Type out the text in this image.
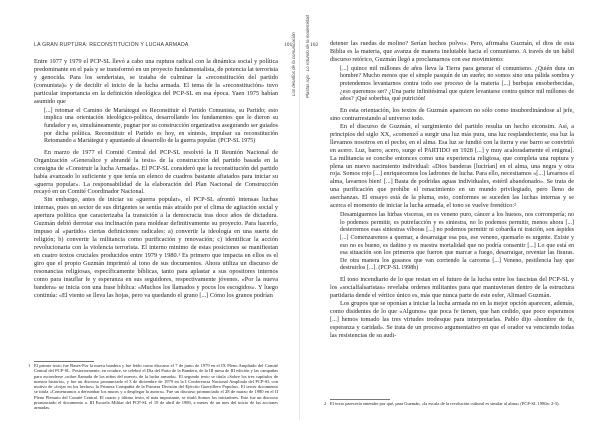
LA GRAN RUPTURA: RECONSTITUCIÓN Y LUCHA ARMADA	101
Los desafíos de la comunicación

Entre 1977 y 1979 el PCP-SL llevó a cabo una ruptura radical con la dinámica social y política predominante en el país y se transformó en un proyecto fundamentalista, de potencia lat terrorista y genocida. Para los senderistas, se trataba de culminar la «reconstitución del partido (comunista)» y de decidir el inicio de la lucha armada. El tema de la «reconstitución» tuvo particular importancia en la definición ideológica del PCP-SL en esa época. Yaen 1975 habían asumido que

[...] retomar el Camino de Mariátegui es Reconstituir el Partido Comunista, su Partido; esto implica una orientación ideológico-política, desarrollando los fundamentos que le dieron su fundador y es, simultáneamente, pugnar por su construcción organizativa asegurando ser guiados por dicha política. Reconstituir el Partido es hoy, en síntesis, impulsar su reconstitución Retomando a Mariátegui y apuntando al desarrollo de la guerra popular. (PCP-SL 1975)

En marzo de 1977 el Comité Central del PCP-SL resolvió la II Reunión Nacional de Organización «Generalice y abrandé la tesis» de la construcción del partido basada en la consigna de «Construir la lucha Armada». El PCP-SL consideró que la reconstitución del partido había avanzado lo suficiente y que tenía un elenco de cuadros bastante afiatados para iniciar su «guerra popular». La responsabilidad de la elaboración del Plan Nacional de Construcción recayó en un Comité Coordinador Nacional.

Sin embargo, antes de iniciar su «guerra popular», el PCP-SL afrontó intensas luchas internas, pues un sector de sus dirigentes se sentía más atraído por el clima de agitación social y apertura política que caracterizaba la transición a la democracia tras doce años de dictadura. Guzmán debió derrotar esa inclinación para moldear definitivamente su proyecto. Para hacerlo, impuso al «partido» ciertas definiciones radicales: a) convertir la ideología en una suerte de religión; b) convertir la militancia como purificación y renovación; c) identificar la acción revolucionaria con la violencia terrorista. El interno minimo de estas posiciones se manifiestan en cuatro textos cruciales producidos entre 1979 y 1980.¹ Es primero que impacta en ellos es el giro que el propio Guzmán imprimió al tono de sus documentos. Ahora utiliza un discurso de resonancias religiosas, específicamente bíblicas, tanto para aplastar a sus opositores internos como para insuflar fe y esperanza en sus seguidores, respectivamente jóvenes. «Por la nueva bandera» se inicia con una frase bíblica: «Muchos los llamados y pocos los escogidos». Y luego continúa: «El viento se lleva las hojas, pero va quedando el grano [...] Cómo los granos podrían

1 El primer texto fue Bases-Por la nueva bandera y fue leído como discurso el 7 de junio de 1979 en el IX Pleno Ampliado del Comité Central del PCP-SL. Posteriormente, en octubre, se celebró el Día del Parto de la Bandera, de la III mesa de III edición y las campañas para esconderse «sobre llamada de los niños del nuevo» de la lucha armada». El segundo texto se titula «Sobre los tres capítulos de nuestra historia», y fue un discurso pronunciado el 3 de diciembre de 1979 en la I Conferencia Nacional Ampliada del PCP-SL con motivo de «forjar en los hechos» la Primera Compañía de la Primera División del Ejército Guerrillero Popular». El tercer documento se titula «Comenzamos a derrumbar los muros y a desplegar la aurora». Fue un discurso pronunciado el 28 de marzo de 1980 en el II Pleno Plenario del Comité Central. El cuarto y último texto, el más importante, se tituló Somos los iniciadores. Este fue un discurso pronunciado el documento a. III Escuela Militar del PCP-SL el 19 de abril de 1980, a meses de un mes del inicio de las acciones armadas.
102
Plastas rojo · Lo rotundo de la modernidad	detener las ruedas de molino? Serían hechos polvo». Pero, afirmaba Guzmán, el dios de esta Biblia es la materia, que avanza de manera inelutable hacia el comunismo. A través de un hábil discurso retórico, Guzmán llegó a proclamarnos con ese movimiento:

[...] quince mil millones de años lleva la Tierra para generar el comunismo. ¿Quién dura un hombre? Mucho menos que el simple pasquín de un sueño; no somos sino una pálida sombra y pretendemos levantarnos contra todo ese proceso de la materia [...] burbujas ensoberbecidas, ¿eso queremos ser? ¿Una parte infinitésimal que quiere levantarse contra quince mil millones de años? ¡Qué soberbia, qué putrición!

En esta orientación, los textos de Guzmán aparecen no sólo como insubordinándose al jefe, sino contrarrestando al universo todo.

En el discurso de Guzmán, el surgimiento del partido resulta un hecho eiconsim. Así, a principios del siglo XX, «comenzó a surgir una luz más pura, una luz resplandeciente, esa luz la llevamos nosotros en el pecho, en el alma. Esa luz se fundió con la tierra y ese barro se convirtió en acero. Luz, barro, acero, surge el PARTIDO en 1928 [...] y muy acaloradamente el enigma]. La militancia se concibe entonces como una experiencia religiosa, que completa una ruptura y plena un nuevo nacimiento individual: «Dios banderas [lucirían] en el alma, una negra y otra roja. Somos rojo [...] enriquecemos los ladrones de lucha. Para ello, necesitamos «[...] lavarnos el alma, lavarnos bien! [...] Basta de podridas aguas individuales, estéril abandonado». Se trata de una purificación que prohíbe el renacimiento en un mundo privilegiado, pero lleno de asechanzas. El ensayo está de la pluma, esto, conformes se suceden las luchas internas y se acerca el momento de iniciar la lucha armada, el tono se vuelve frenético:²

Desamiguemos las hirbas visceras, en es veneno puro, cáncer a los huesos, nos corrompería; no lo podemos permitir, es putrefacción y es siniestra, no lo podemos permitir, menos ahora [...] desterremos esas siniestras víboras [...] no podemos permitir ni cobardía ni traición, son áspides [...] Comenzaremos a quemar, a desarraigar esa pus, ese veneno, quemarlo es urgente. Existe y eso no es bueno, es dañino y es nuestra mortalidad que no podría consentir [...] Lo que está en esa situación son los primeros que fueron que marcar a fuego, desarraigar, reventar las fisuras. De otra manera los gusanos que van corriendo la carcoma [...] Veneno, pestilencia hay que destruirlos [...]. (PCP-SL 1998b)

El tono incendiario de lo que restan en el futuro de la lucha entre los fascistas del PCP-SL y los «socialfalsaristas» revelaba ordenes militantes para que mantuvieran dentro de la estructura partidaria dende el vértice único es, más que nunca parte de este esfer, Alimael Guzmán.

Los grupos que se oponían a iniciar la lucha armada no en la mejor opción aparecen, además, como disidentes de lo que «Algunos» que poca fe tienen, que han cedido, que poco esperamos [...] hemos tomado las tres virtudes trodesque para interpretarlas. Pablo dijo «hombre de fe, esperanza y caridad». Se trata de un proceso argumentativo en que el orador va venciendo todas las resistencias de su audi-

2 El texto parecería entender por qué, para Guzmán, «la escala de la revolución cultural es similar al alma» (PCP-SL 1980a: 2-3).
